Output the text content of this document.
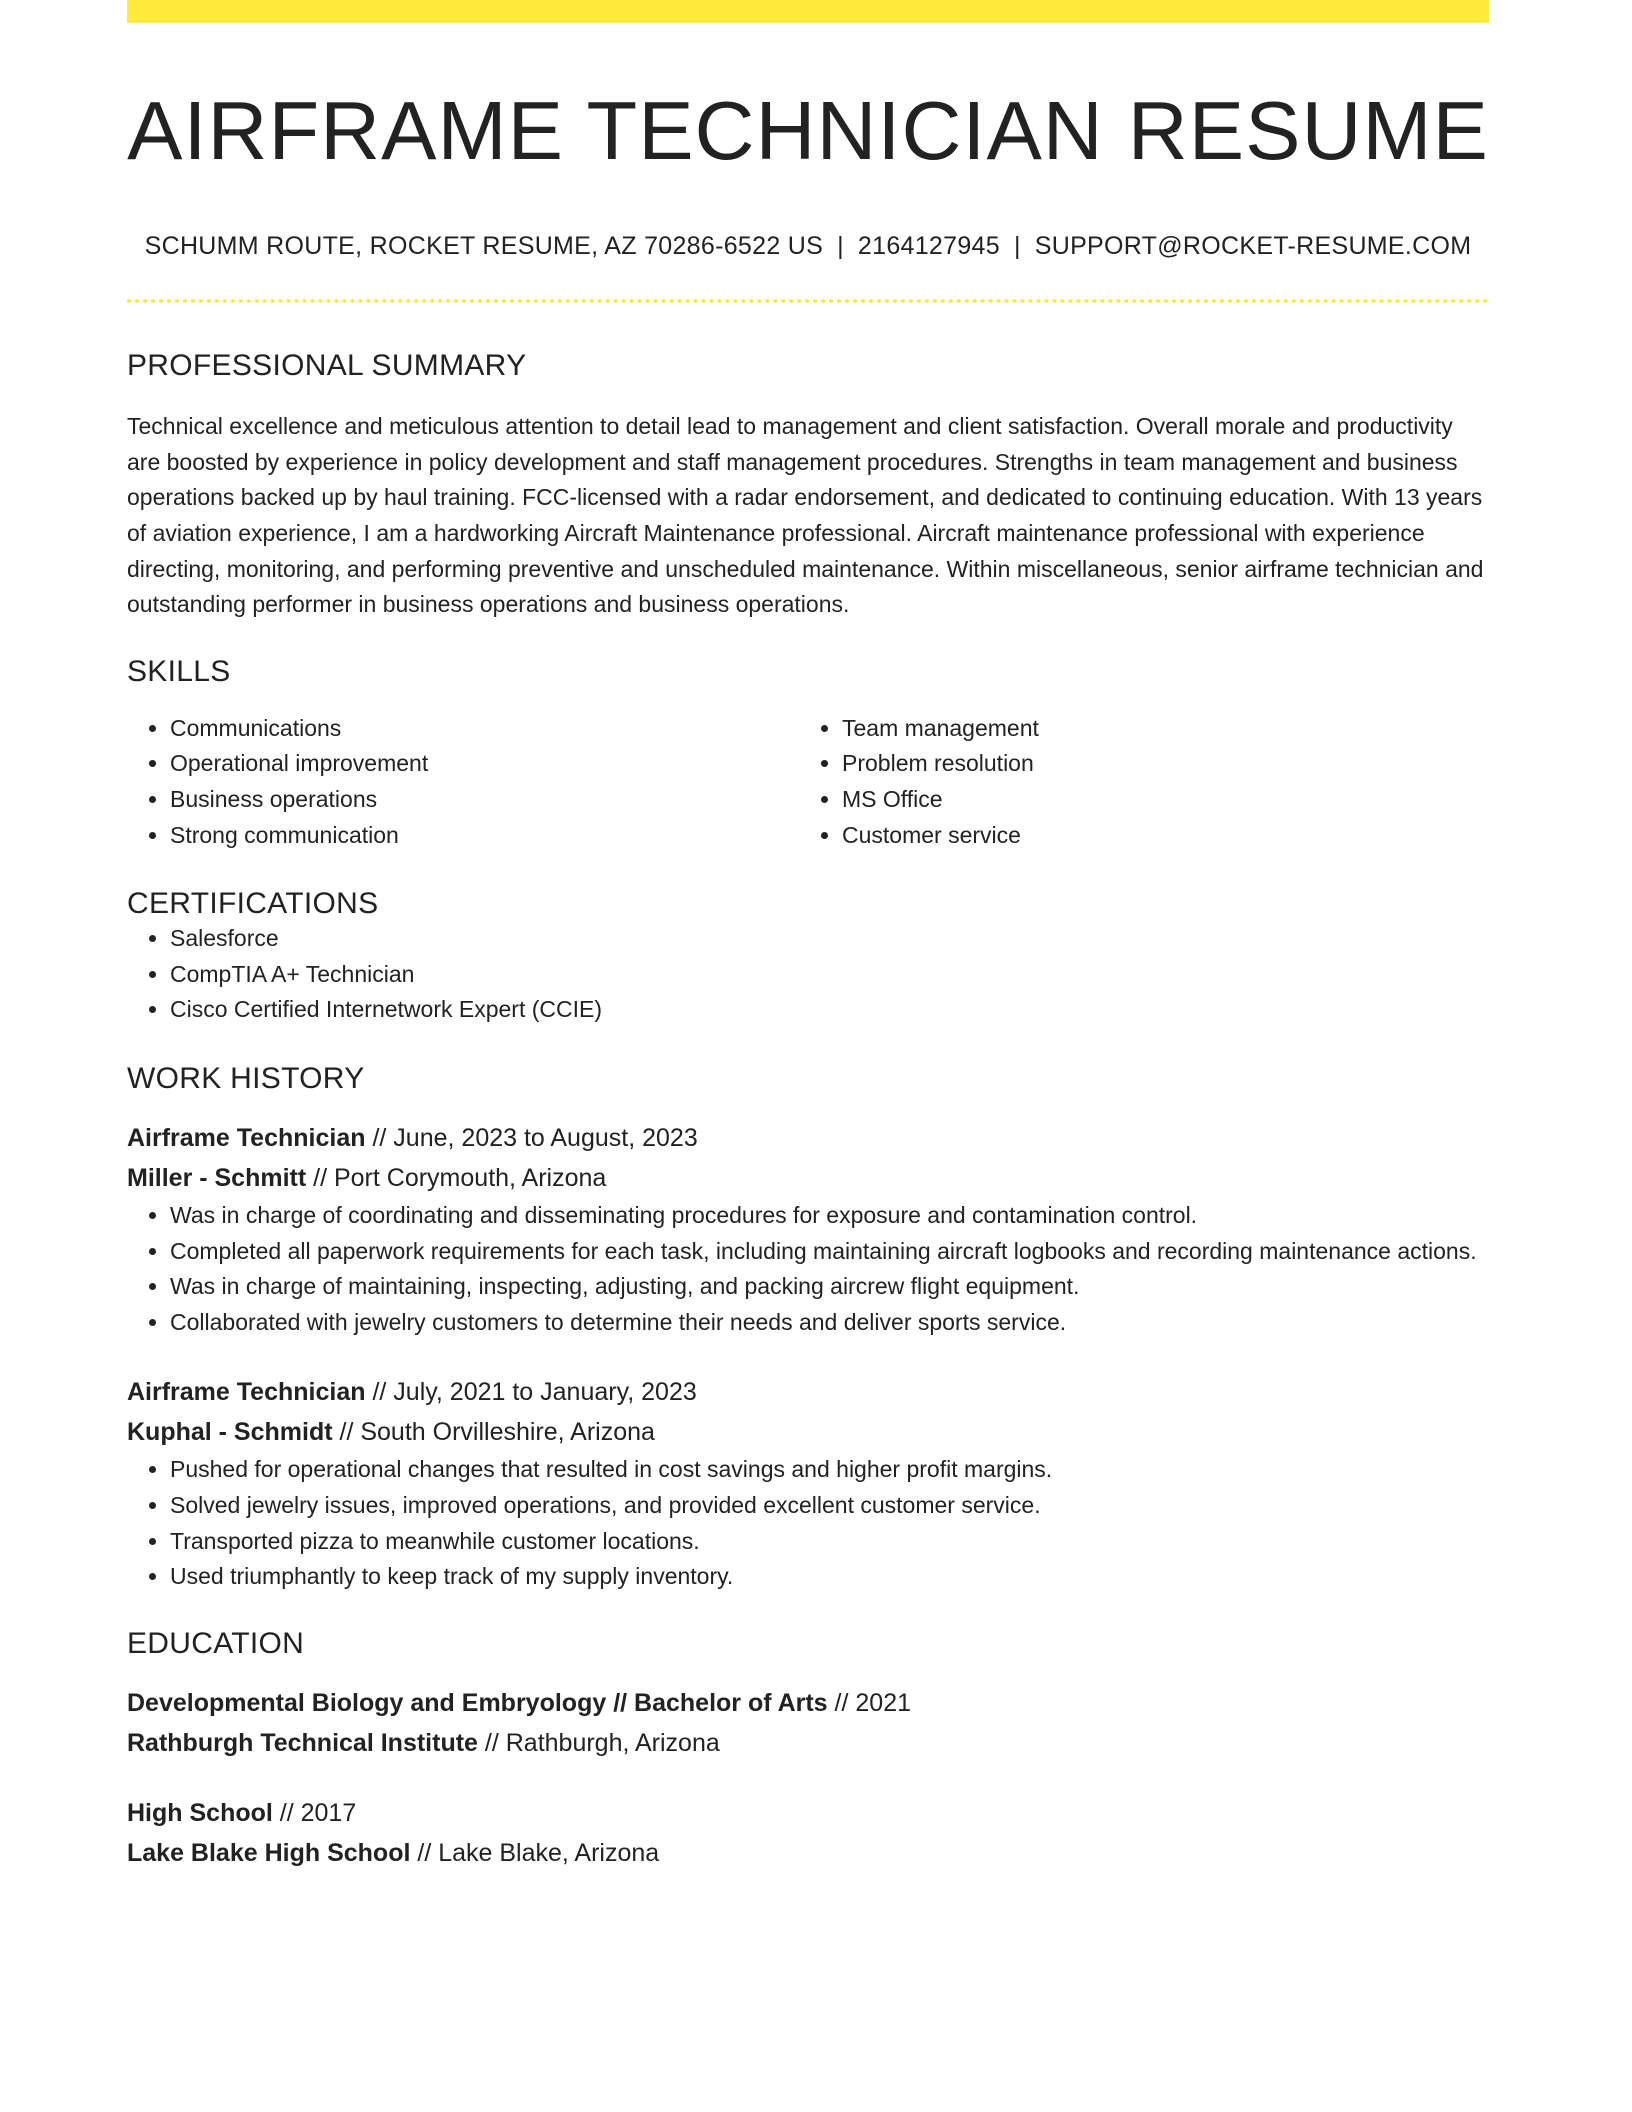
AIRFRAME TECHNICIAN RESUME
SCHUMM ROUTE, ROCKET RESUME, AZ 70286-6522 US | 2164127945 | SUPPORT@ROCKET-RESUME.COM
PROFESSIONAL SUMMARY

Technical excellence and meticulous attention to detail lead to management and client satisfaction. Overall morale and productivity are boosted by experience in policy development and staff management procedures. Strengths in team management and business operations backed up by haul training. FCC-licensed with a radar endorsement, and dedicated to continuing education. With 13 years of aviation experience, I am a hardworking Aircraft Maintenance professional. Aircraft maintenance professional with experience directing, monitoring, and performing preventive and unscheduled maintenance. Within miscellaneous, senior airframe technician and outstanding performer in business operations and business operations.

SKILLS
• Communications
• Operational improvement
• Business operations
• Strong communication
• Team management
• Problem resolution
• MS Office
• Customer service
CERTIFICATIONS
• Salesforce
• CompTIA A+ Technician
• Cisco Certified Internetwork Expert (CCIE)
WORK HISTORY
Airframe Technician // June, 2023 to August, 2023
Miller - Schmitt // Port Corymouth, Arizona
• Was in charge of coordinating and disseminating procedures for exposure and contamination control.
• Completed all paperwork requirements for each task, including maintaining aircraft logbooks and recording maintenance actions.
• Was in charge of maintaining, inspecting, adjusting, and packing aircrew flight equipment.
• Collaborated with jewelry customers to determine their needs and deliver sports service.
Airframe Technician // July, 2021 to January, 2023
Kuphal - Schmidt // South Orvilleshire, Arizona
• Pushed for operational changes that resulted in cost savings and higher profit margins.
• Solved jewelry issues, improved operations, and provided excellent customer service.
• Transported pizza to meanwhile customer locations.
• Used triumphantly to keep track of my supply inventory.
EDUCATION
Developmental Biology and Embryology // Bachelor of Arts // 2021
Rathburgh Technical Institute // Rathburgh, Arizona
High School // 2017
Lake Blake High School // Lake Blake, Arizona
